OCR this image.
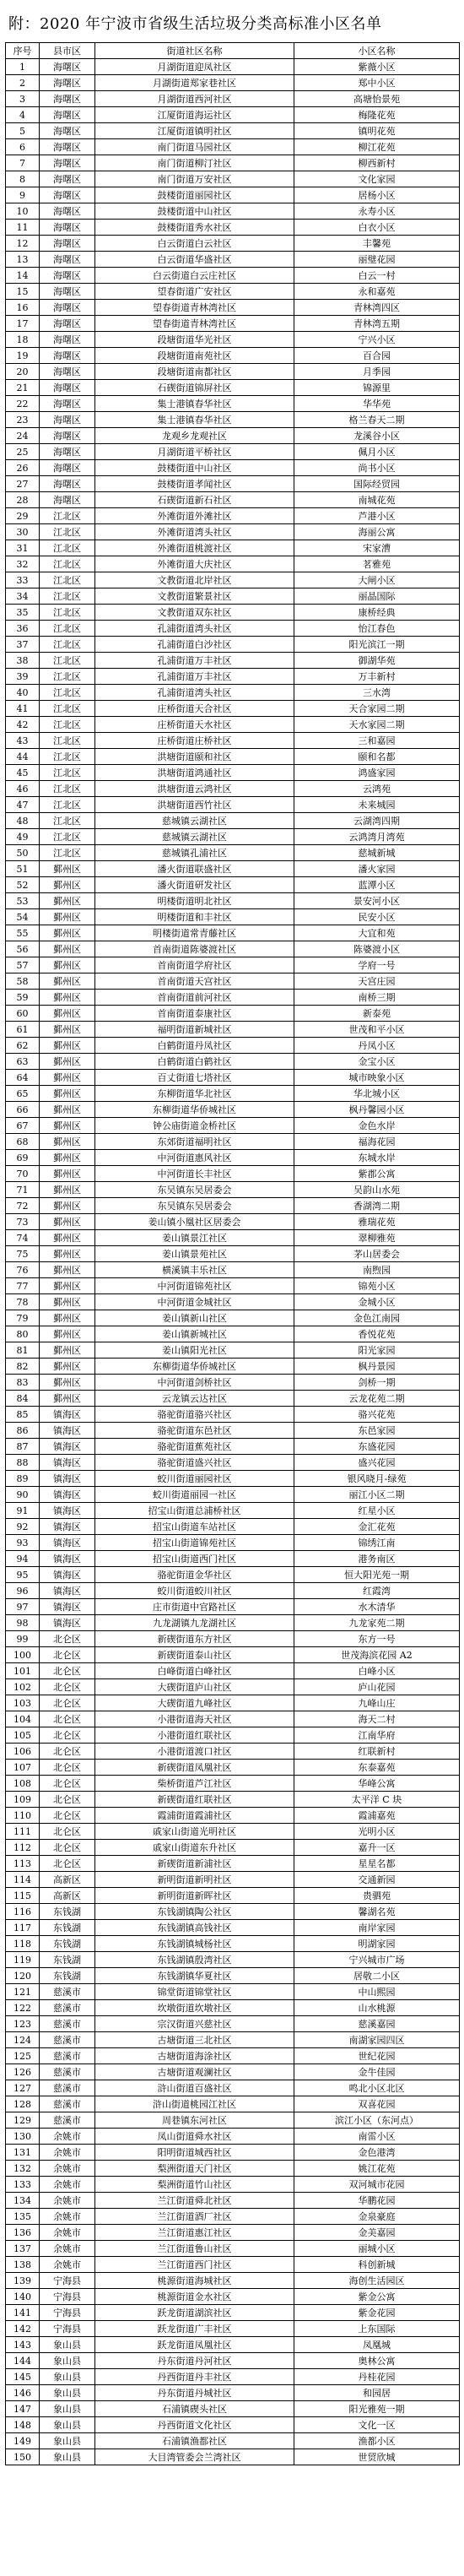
附：2020 年宁波市省级生活垃圾分类高标准小区名单
序号	县市区	街道社区名称	小区名称
1	海曙区	月湖街道迎凤社区	紫薇小区
2	海曙区	月湖街道郑家巷社区	郑中小区
3	海曙区	月湖街道西河社区	高塘怡景苑
4	海曙区	江厦街道海运社区	梅隆花苑
5	海曙区	江厦街道镇明社区	镇明花苑
6	海曙区	南门街道马园社区	柳江花苑
7	海曙区	南门街道柳汀社区	柳西新村
8	海曙区	南门街道万安社区	文化家园
9	海曙区	鼓楼街道丽园社区	居杨小区
10	海曙区	鼓楼街道中山社区	永寿小区
11	海曙区	鼓楼街道秀水社区	白衣小区
12	海曙区	白云街道白云社区	丰馨苑
13	海曙区	白云街道华盛社区	丽璧花园
14	海曙区	白云街道白云庄社区	白云一村
15	海曙区	望春街道广安社区	永和嘉苑
16	海曙区	望春街道青林湾社区	青林湾四区
17	海曙区	望春街道青林湾社区	青林湾五期
18	海曙区	段塘街道华光社区	宁兴小区
19	海曙区	段塘街道南苑社区	百合园
20	海曙区	段塘街道南都社区	月季园
21	海曙区	石碶街道锦屏社区	锦源里
22	海曙区	集士港镇春华社区	华华苑
23	海曙区	集士港镇春华社区	格兰春天二期
24	海曙区	龙观乡龙观社区	龙溪谷小区
25	海曙区	月湖街道平桥社区	佩月小区
26	海曙区	鼓楼街道中山社区	尚书小区
27	海曙区	鼓楼街道孝闻社区	国际经贸园
28	海曙区	石碶街道新石社区	南城花苑
29	江北区	外滩街道外滩社区	芦港小区
30	江北区	外滩街道湾头社区	海丽公寓
31	江北区	外滩街道桃渡社区	宋家漕
32	江北区	外滩街道大庆社区	茗雅苑
33	江北区	文教街道北岸社区	大闸小区
34	江北区	文教街道繁景社区	丽晶国际
35	江北区	文教街道双东社区	康桥经典
36	江北区	孔浦街道湾头社区	怡江春色
37	江北区	孔浦街道白沙社区	阳光滨江一期
38	江北区	孔浦街道万丰社区	御湖华苑
39	江北区	孔浦街道万丰社区	万丰新村
40	江北区	孔浦街道湾头社区	三水湾
41	江北区	庄桥街道天合社区	天合家园二期
42	江北区	庄桥街道天水社区	天水家园二期
43	江北区	庄桥街道庄桥社区	三和嘉园
44	江北区	洪塘街道颐和社区	颐和名都
45	江北区	洪塘街道鸿通社区	鸿盛家园
46	江北区	洪塘街道云鸿社区	云鸿苑
47	江北区	洪塘街道西竹社区	未来城园
48	江北区	慈城镇云湖社区	云湖湾四期
49	江北区	慈城镇云湖社区	云鸿湾月湾苑
50	江北区	慈城镇孔浦社区	慈城新城
51	鄞州区	潘火街道联盛社区	潘火家园
52	鄞州区	潘火街道研发社区	蓝潭小区
53	鄞州区	明楼街道明北社区	景安河小区
54	鄞州区	明楼街道和丰社区	民安小区
55	鄞州区	明楼街道常青藤社区	大宜和苑
56	鄞州区	首南街道陈婆渡社区	陈婆渡小区
57	鄞州区	首南街道学府社区	学府一号
58	鄞州区	首南街道天宫社区	天宫庄园
59	鄞州区	首南街道前河社区	南桥三期
60	鄞州区	首南街道泰康社区	新泰苑
61	鄞州区	福明街道新城社区	世茂和平小区
62	鄞州区	白鹤街道丹凤社区	丹凤小区
63	鄞州区	白鹤街道白鹤社区	金宝小区
64	鄞州区	百丈街道七塔社区	城市映象小区
65	鄞州区	东柳街道华北社区	华北城小区
66	鄞州区	东柳街道华侨城社区	枫丹馨园小区
67	鄞州区	钟公庙街道金桥社区	金色水岸
68	鄞州区	东郊街道福明社区	福海花园
69	鄞州区	中河街道惠风社区	东城水岸
70	鄞州区	中河街道长丰社区	紫郡公寓
71	鄞州区	东吴镇东吴居委会	吴韵山水苑
72	鄞州区	东吴镇东吴居委会	香湖湾二期
73	鄞州区	姜山镇小凰社区居委会	雅瑞花苑
74	鄞州区	姜山镇景江社区	翠柳雅苑
75	鄞州区	姜山镇景苑社区	茅山居委会
76	鄞州区	横溪镇丰乐社区	南煦园
77	鄞州区	中河街道锦苑社区	锦苑小区
78	鄞州区	中河街道金城社区	金城小区
79	鄞州区	姜山镇新山社区	金色江南园
80	鄞州区	姜山镇新城社区	香悦花苑
81	鄞州区	姜山镇阳光社区	阳光家园
82	鄞州区	东柳街道华侨城社区	枫丹景园
83	鄞州区	中河街道剑桥社区	剑桥一期
84	鄞州区	云龙镇云达社区	云龙花苑二期
85	镇海区	骆驼街道骆兴社区	骆兴花苑
86	镇海区	骆驼街道东邑社区	东邑家园
87	镇海区	骆驼街道蕉苑社区	东盛花园
88	镇海区	骆驼街道盛兴社区	盛兴花园
89	镇海区	蛟川街道丽园社区	银风晓月-绿苑
90	镇海区	蛟川街道丽园一社区	丽江小区二期
91	镇海区	招宝山街道总浦桥社区	红星小区
92	镇海区	招宝山街道车站社区	金汇花苑
93	镇海区	招宝山街道锦苑社区	锦绣江南
94	镇海区	招宝山街道西门社区	港务南区
95	镇海区	骆驼街道金华社区	恒大阳光苑一期
96	镇海区	蛟川街道蛟川社区	红霞湾
97	镇海区	庄市街道中官路社区	水木清华
98	镇海区	九龙湖镇九龙湖社区	九龙家苑二期
99	北仑区	新碶街道东方社区	东方一号
100	北仑区	新碶街道泰山社区	世茂海滨花园 A2
101	北仑区	白峰街道白峰社区	白峰小区
102	北仑区	大碶街道庐山社区	庐山花园
103	北仑区	大碶街道九峰社区	九峰山庄
104	北仑区	小港街道海天社区	海天二村
105	北仑区	小港街道红联社区	江南华府
106	北仑区	小港街道渡口社区	红联新村
107	北仑区	新碶街道凤凰社区	东泰嘉苑
108	北仑区	柴桥街道芦江社区	华峰公寓
109	北仑区	新碶街道红联社区	太平洋 C 块
110	北仑区	霞浦街道霞浦社区	霞浦嘉苑
111	北仑区	戚家山街道光明社区	光明小区
112	北仑区	戚家山街道东升社区	嘉升一区
113	北仑区	新碶街道新浦社区	星星名都
114	高新区	新明街道新明社区	交通新园
115	高新区	新明街道新晖社区	贵驷苑
116	东钱湖	东钱湖镇陶公社区	馨湖名苑
117	东钱湖	东钱湖镇高钱社区	南岸家园
118	东钱湖	东钱湖镇城杨社区	明湖家园
119	东钱湖	东钱湖镇殷湾社区	宁兴城市广场
120	东钱湖	东钱湖镇华夏社区	居敬二小区
121	慈溪市	锦堂街道锦堂社区	中山熙园
122	慈溪市	坎墩街道坎墩社区	山水桃源
123	慈溪市	宗汉街道兴慈社区	慈溪嘉园
124	慈溪市	古塘街道三北社区	南湖家园四区
125	慈溪市	古塘街道海涂社区	世纪花园
126	慈溪市	古塘街道观澜社区	金牛佳园
127	慈溪市	浒山街道百盛社区	鸣北小区北区
128	慈溪市	浒山街道桃园江社区	双喜花园
129	慈溪市	周巷镇东河社区	滨江小区（东河点）
130	余姚市	凤山街道舜水社区	南雷小区
131	余姚市	阳明街道城西社区	金色港湾
132	余姚市	梨洲街道天门社区	姚江花苑
133	余姚市	梨洲街道竹山社区	双河城市花园
134	余姚市	兰江街道舜北社区	华鹏花园
135	余姚市	兰江街道酒厂社区	金泉豪庭
136	余姚市	兰江街道惠江社区	金美嘉园
137	余姚市	兰江街道鲁山社区	丽城小区
138	余姚市	兰江街道西门社区	科创新城
139	宁海县	桃源街道海城社区	海创生活园区
140	宁海县	桃源街道金水社区	紫金公寓
141	宁海县	跃龙街道湖滨社区	紫金花园
142	宁海县	跃龙街道广丰社区	上东国际
143	象山县	跃龙街道凤凰社区	凤凰城
144	象山县	丹东街道丹河社区	奥林公寓
145	象山县	丹西街道丹丰社区	丹桂花园
146	象山县	丹东街道丹城社区	和园居
147	象山县	石浦镇碶头社区	阳光雅苑一期
148	象山县	丹西街道文化社区	文化一区
149	象山县	石浦镇渔都社区	渔都小区
150	象山县	大目湾管委会兰湾社区	世贸欣城
